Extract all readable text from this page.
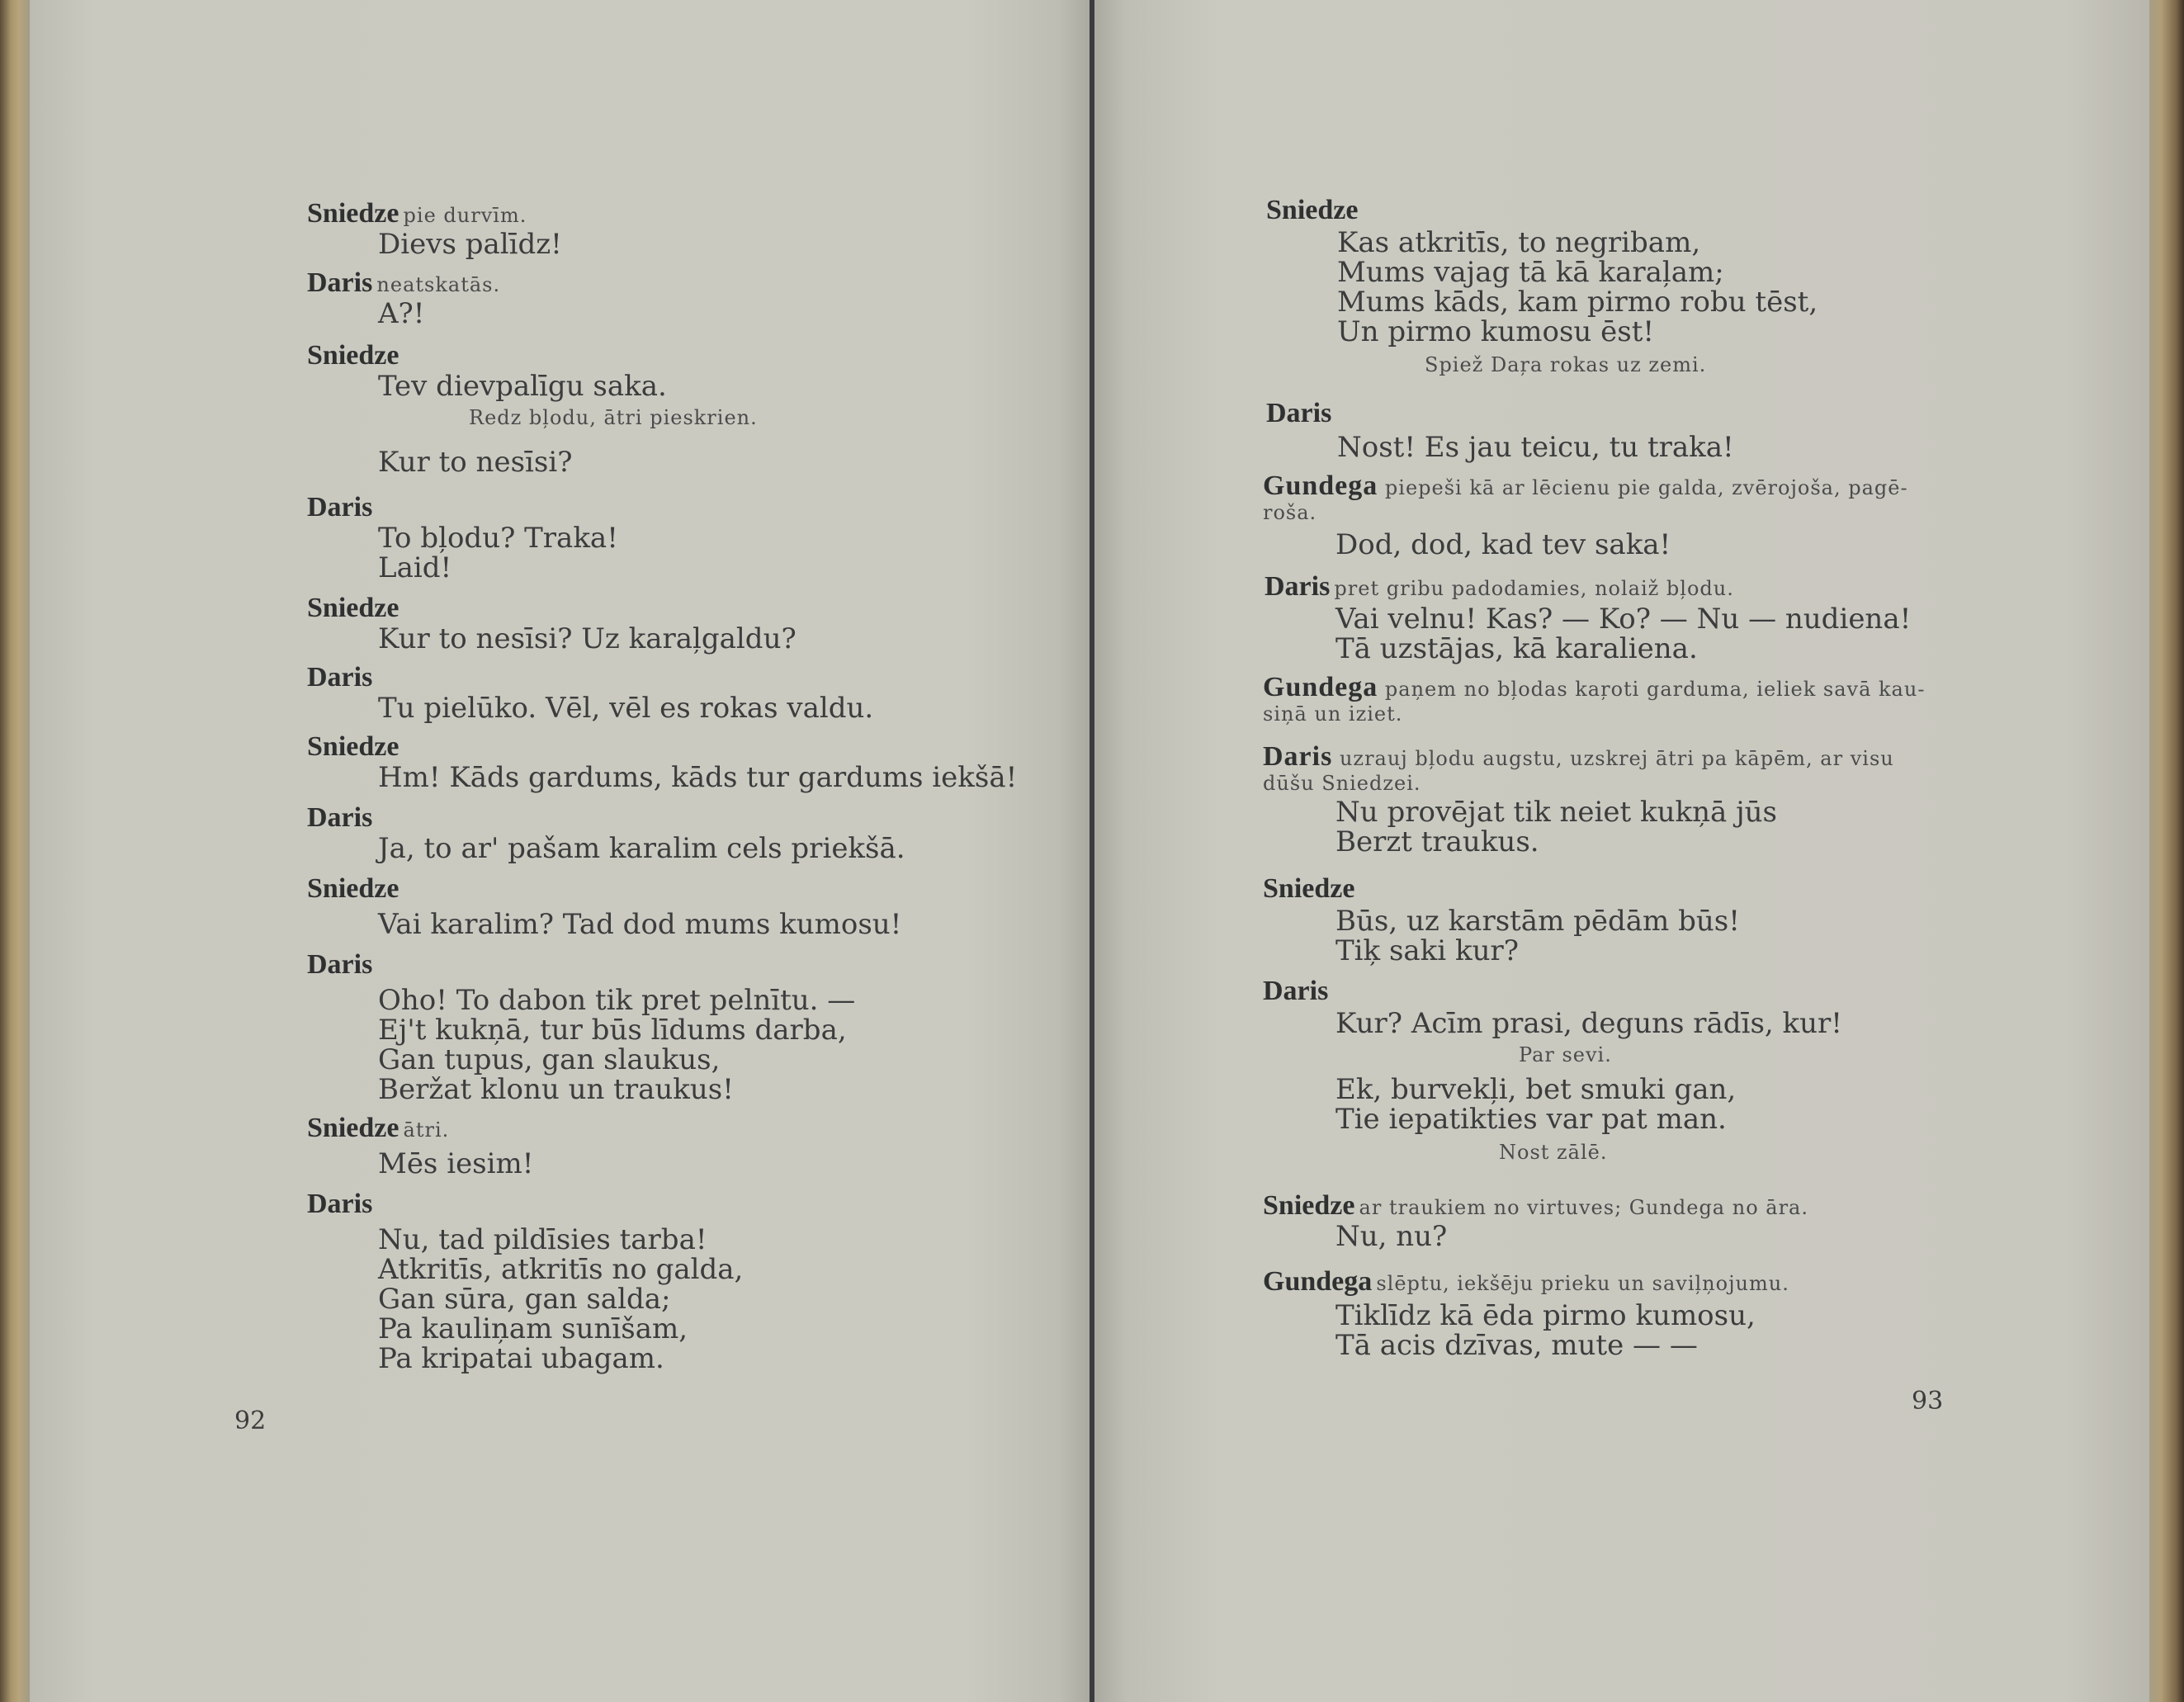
Sniedze pie durvīm.
Dievs palīdz!
Daris neatskatās.
A?!
Sniedze
Tev dievpalīgu saka.
Redz bļodu, ātri pieskrien.
Kur to nesīsi?
Daris
To bļodu? Traka!
Laid!
Sniedze
Kur to nesīsi? Uz karaļgaldu?
Daris
Tu pielūko. Vēl, vēl es rokas valdu.
Sniedze
Hm! Kāds gardums, kāds tur gardums iekšā!
Daris
Ja, to ar' pašam karalim cels priekšā.
Sniedze
Vai karalim? Tad dod mums kumosu!
Daris
Oho! To dabon tik pret pelnītu. —
Ej't kukņā, tur būs līdums darba,
Gan tupus, gan slaukus,
Beržat klonu un traukus!
Sniedze ātri.
Mēs iesim!
Daris
Nu, tad pildīsies tarba!
Atkritīs, atkritīs no galda,
Gan sūra, gan salda;
Pa kauliņam sunīšam,
Pa kripatai ubagam.
92
Sniedze
Kas atkritīs, to negribam,
Mums vajag tā kā karaļam;
Mums kāds, kam pirmo robu tēst,
Un pirmo kumosu ēst!
Spiež Daŗa rokas uz zemi.
Daris
Nost! Es jau teicu, tu traka!
Gundega piepeši kā ar lēcienu pie galda, zvērojoša, pagē-
roša.
Dod, dod, kad tev saka!
Daris pret gribu padodamies, nolaiž bļodu.
Vai velnu! Kas? — Ko? — Nu — nudiena!
Tā uzstājas, kā karaliena.
Gundega paņem no bļodas kaŗoti garduma, ieliek savā kau-
siņā un iziet.
Daris uzrauj bļodu augstu, uzskrej ātri pa kāpēm, ar visu
dūšu Sniedzei.
Nu provējat tik neiet kukņā jūs
Berzt traukus.
Sniedze
Būs, uz karstām pēdām būs!
Tiķ saki kur?
Daris
Kur? Acīm prasi, deguns rādīs, kur!
Par sevi.
Ek, burvekļi, bet smuki gan,
Tie iepatikties var pat man.
Nost zālē.
Sniedze ar traukiem no virtuves; Gundega no āra.
Nu, nu?
Gundega slēptu, iekšēju prieku un saviļņojumu.
Tiklīdz kā ēda pirmo kumosu,
Tā acis dzīvas, mute — —
93
